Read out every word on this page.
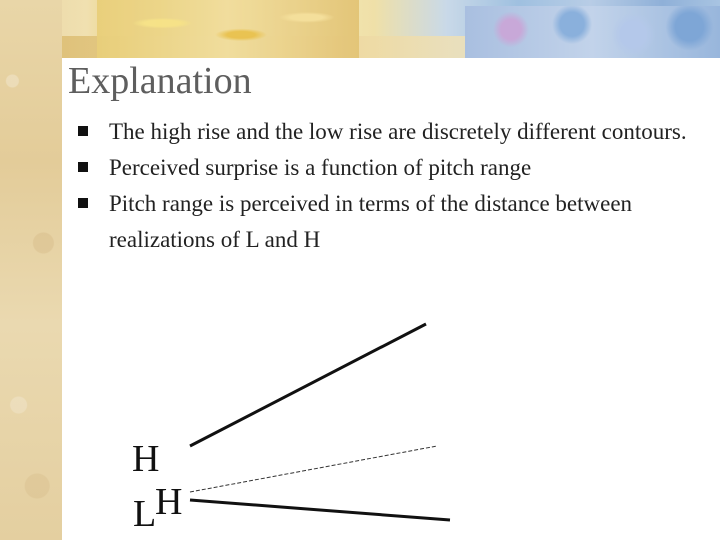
Explanation
The high rise and the low rise are discretely different contours.
Perceived surprise is a function of pitch range
Pitch range is perceived in terms of the distance between realizations of L and H
H
L
H
